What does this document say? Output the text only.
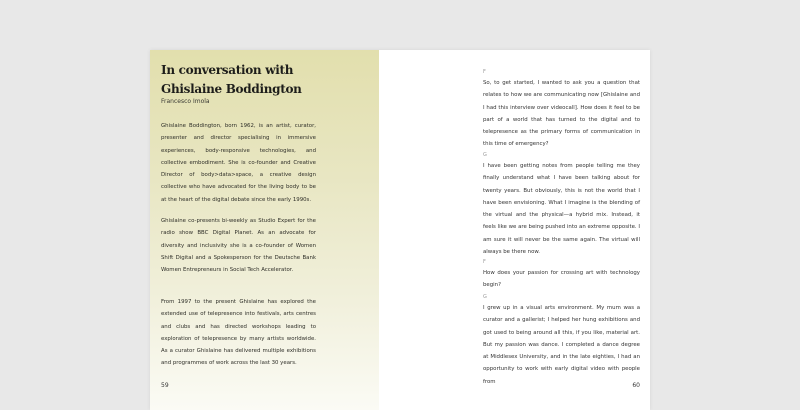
In conversation with
Ghislaine Boddington
Francesco Imola
Ghislaine Boddington, born 1962, is an artist, curator, presenter and director specialising in immersive experiences, body-responsive technologies, and collective embodiment. She is co-founder and Creative Director of body>data>space, a creative design collective who have advocated for the living body to be at the heart of the digital debate since the early 1990s.
Ghislaine co-presents bi-weekly as Studio Expert for the radio show BBC Digital Planet. As an advocate for diversity and inclusivity she is a co-founder of Women Shift Digital and a Spokesperson for the Deutsche Bank Women Entrepreneurs in Social Tech Accelerator.
From 1997 to the present Ghislaine has explored the extended use of telepresence into festivals, arts centres and clubs and has directed workshops leading to exploration of telepresence by many artists worldwide. As a curator Ghislaine has delivered multiple exhibitions and programmes of work across the last 30 years.
59
F
So, to get started, I wanted to ask you a question that relates to how we are communicating now [Ghislaine and I had this interview over videocall]. How does it feel to be part of a world that has turned to the digital and to telepresence as the primary forms of communication in this time of emergency?
G
I have been getting notes from people telling me they finally understand what I have been talking about for twenty years. But obviously, this is not the world that I have been envisioning. What I imagine is the blending of the virtual and the physical—a hybrid mix. Instead, it feels like we are being pushed into an extreme opposite. I am sure it will never be the same again. The virtual will always be there now.
F
How does your passion for crossing art with technology begin?
G
I grew up in a visual arts environment. My mum was a curator and a gallerist; I helped her hung exhibitions and got used to being around all this, if you like, material art. But my passion was dance. I completed a dance degree at Middlesex University, and in the late eighties, I had an opportunity to work with early digital video with people from
60
